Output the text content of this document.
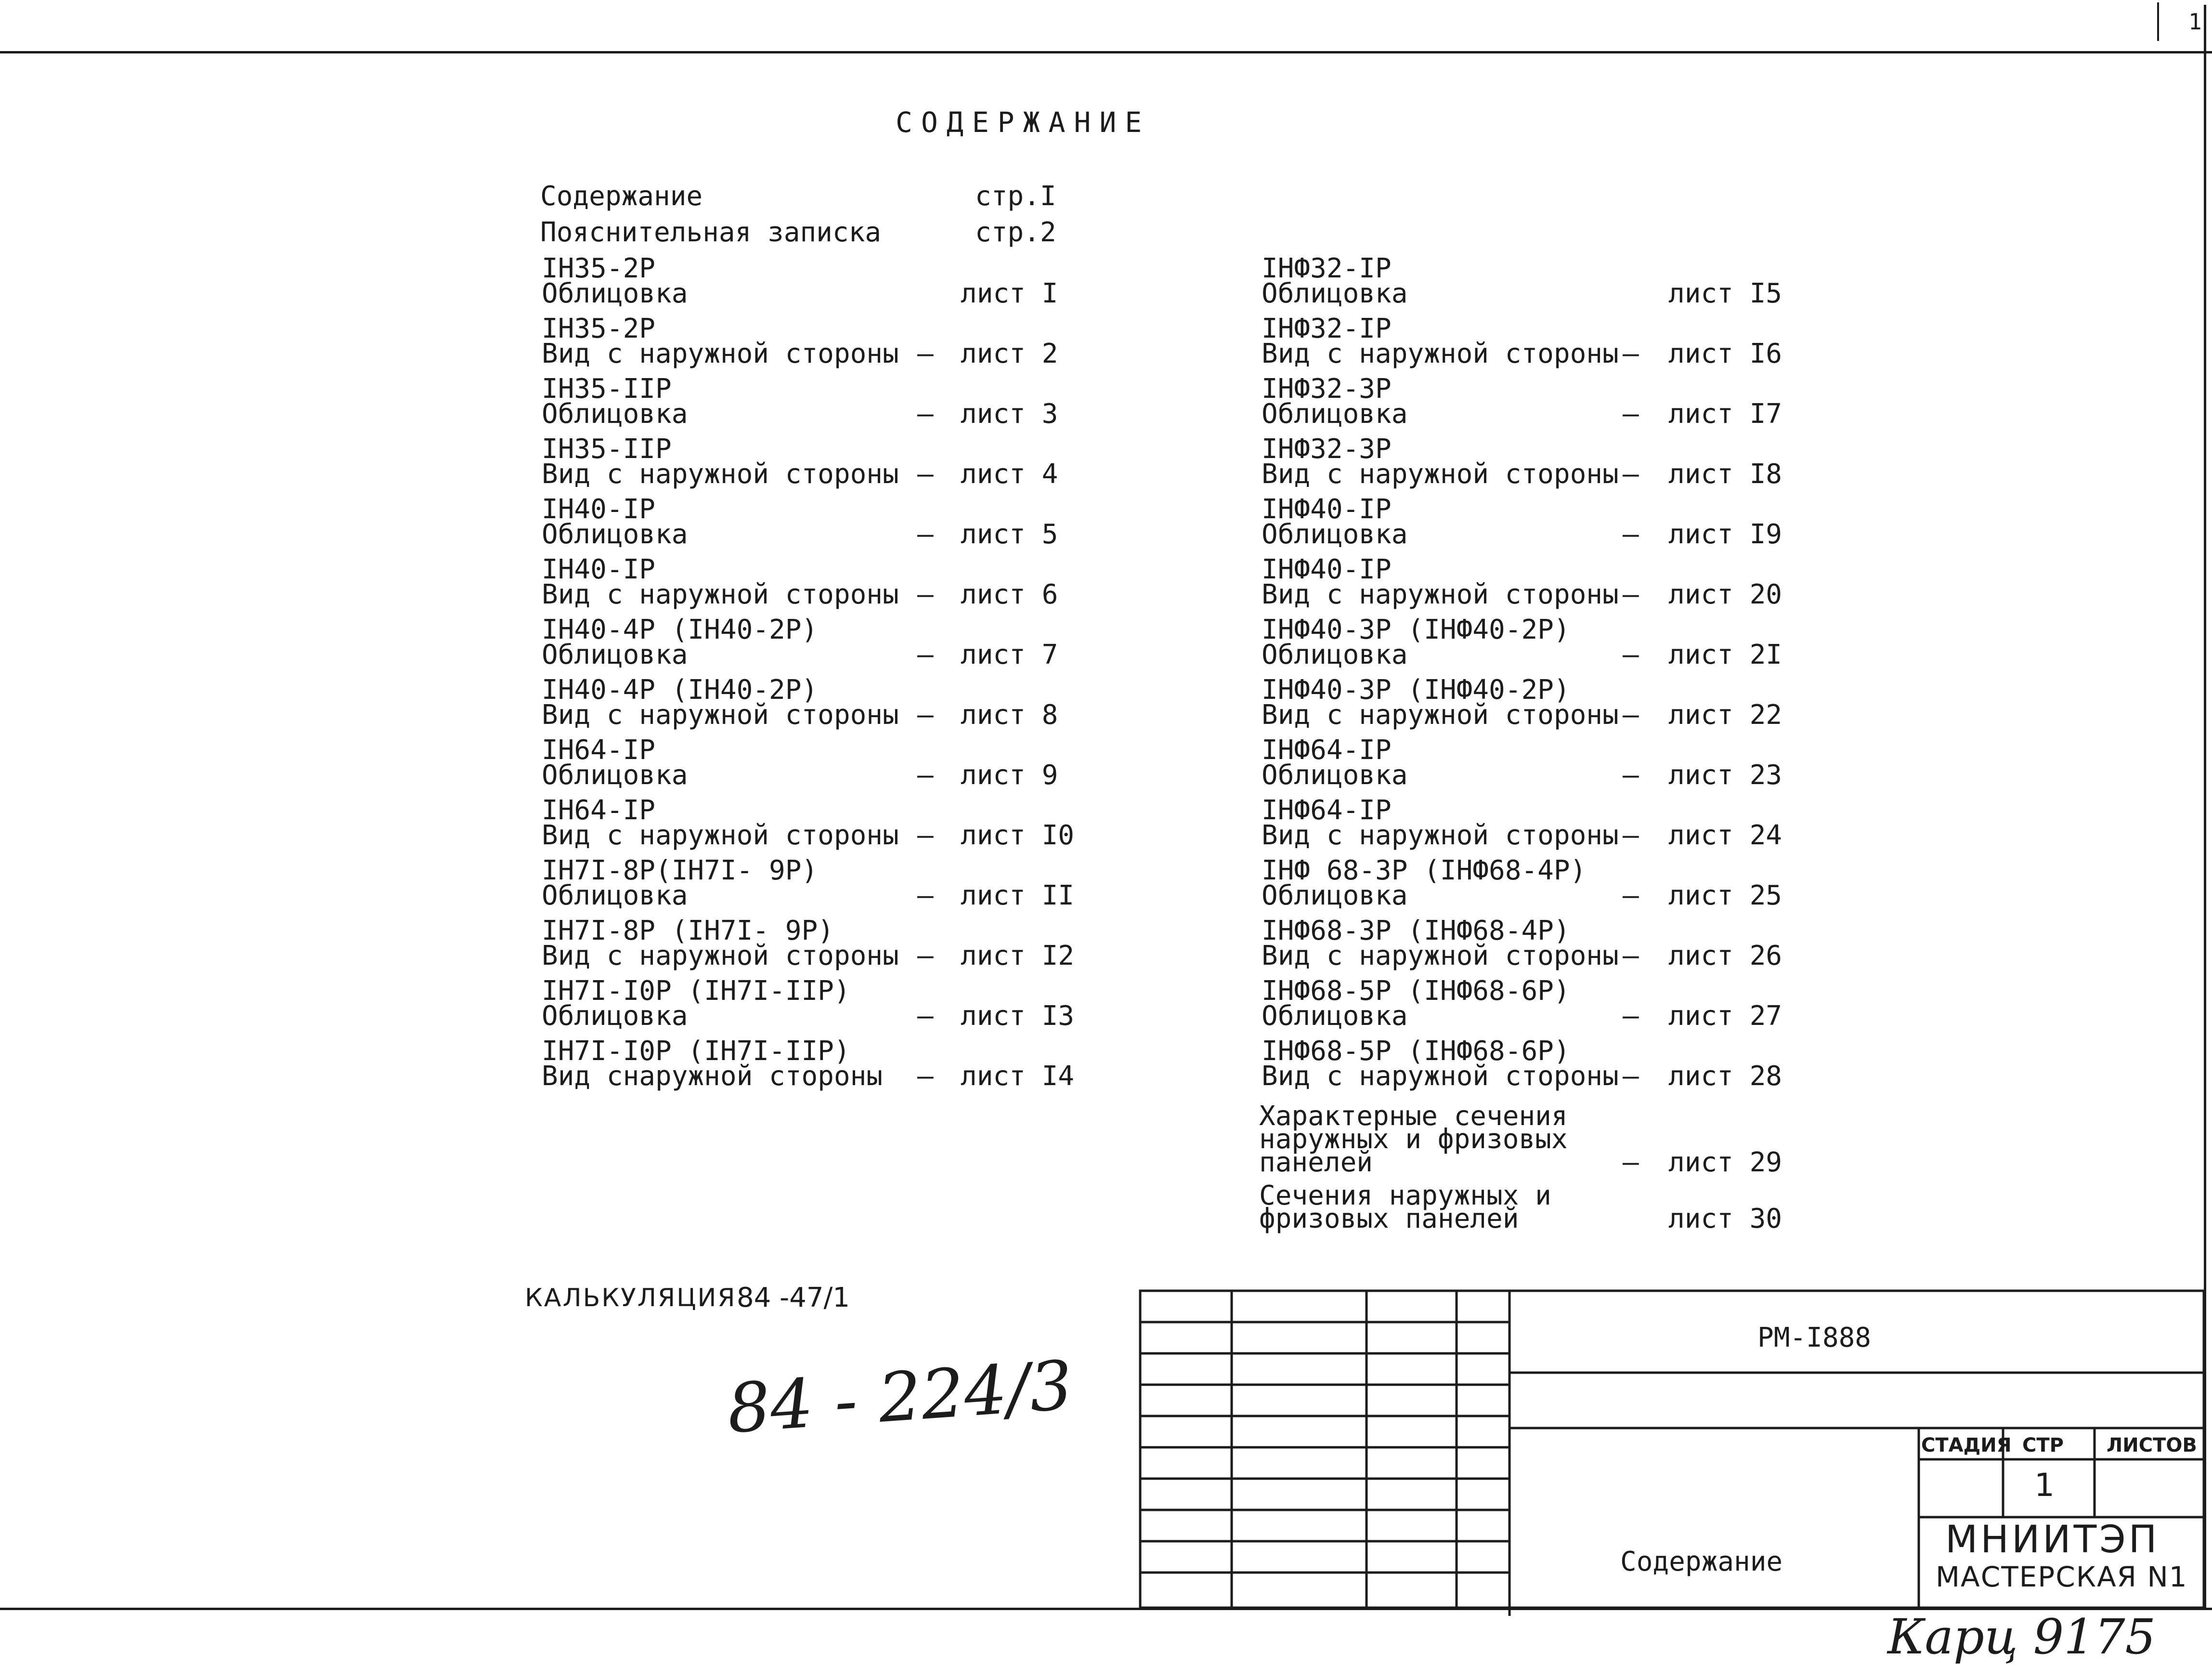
1
СОДЕРЖАНИЕ
Содержание	стр.I
Пояснительная записка	стр.2
IН35-2Р
Облицовка	лист I
IН35-2Р
Вид с наружной стороны – лист 2
IН35-IIР
Облицовка	– лист 3
IН35-IIР
Вид с наружной стороны – лист 4
IН40-IР
Облицовка	– лист 5
IН40-IР
Вид с наружной стороны – лист 6
IН40-4Р (IН40-2Р)
Облицовка	– лист 7
IН40-4Р (IН40-2Р)
Вид с наружной стороны – лист 8
IН64-IР
Облицовка	– лист 9
IН64-IР
Вид с наружной стороны – лист I0
IН7I-8Р(IН7I- 9Р)
Облицовка	– лист II
IН7I-8Р (IН7I- 9Р)
Вид с наружной стороны – лист I2
IН7I-I0Р (IН7I-IIР)
Облицовка	– лист I3
IН7I-I0Р (IН7I-IIР)
Вид снаружной стороны – лист I4
IНФ32-IР
Облицовка	лист I5
IНФ32-IР
Вид с наружной стороны – лист I6
IНФ32-3Р
Облицовка	– лист I7
IНФ32-3Р
Вид с наружной стороны – лист I8
IНФ40-IР
Облицовка	– лист I9
IНФ40-IР
Вид с наружной стороны – лист 20
IНФ40-3Р (IНФ40-2Р)
Облицовка	– лист 2I
IНФ40-3Р (IНФ40-2Р)
Вид с наружной стороны – лист 22
IНФ64-IР
Облицовка	– лист 23
IНФ64-IР
Вид с наружной стороны – лист 24
IНФ 68-3Р (IНФ68-4Р)
Облицовка	– лист 25
IНФ68-3Р (IНФ68-4Р)
Вид с наружной стороны – лист 26
IНФ68-5Р (IНФ68-6Р)
Облицовка	– лист 27
IНФ68-5Р (IНФ68-6Р)
Вид с наружной стороны – лист 28
Характерные сечения
наружных и фризовых
панелей	– лист 29
Сечения наружных и
фризовых панелей	лист 30
КАЛЬКУЛЯЦИЯ 84 -47/1
84 - 224/3
Карц 9175
РМ-I888
Содержание
СТАДИЯ СТР ЛИСТОВ
1
МНИИТЭП
МАСТЕРСКАЯ N1
